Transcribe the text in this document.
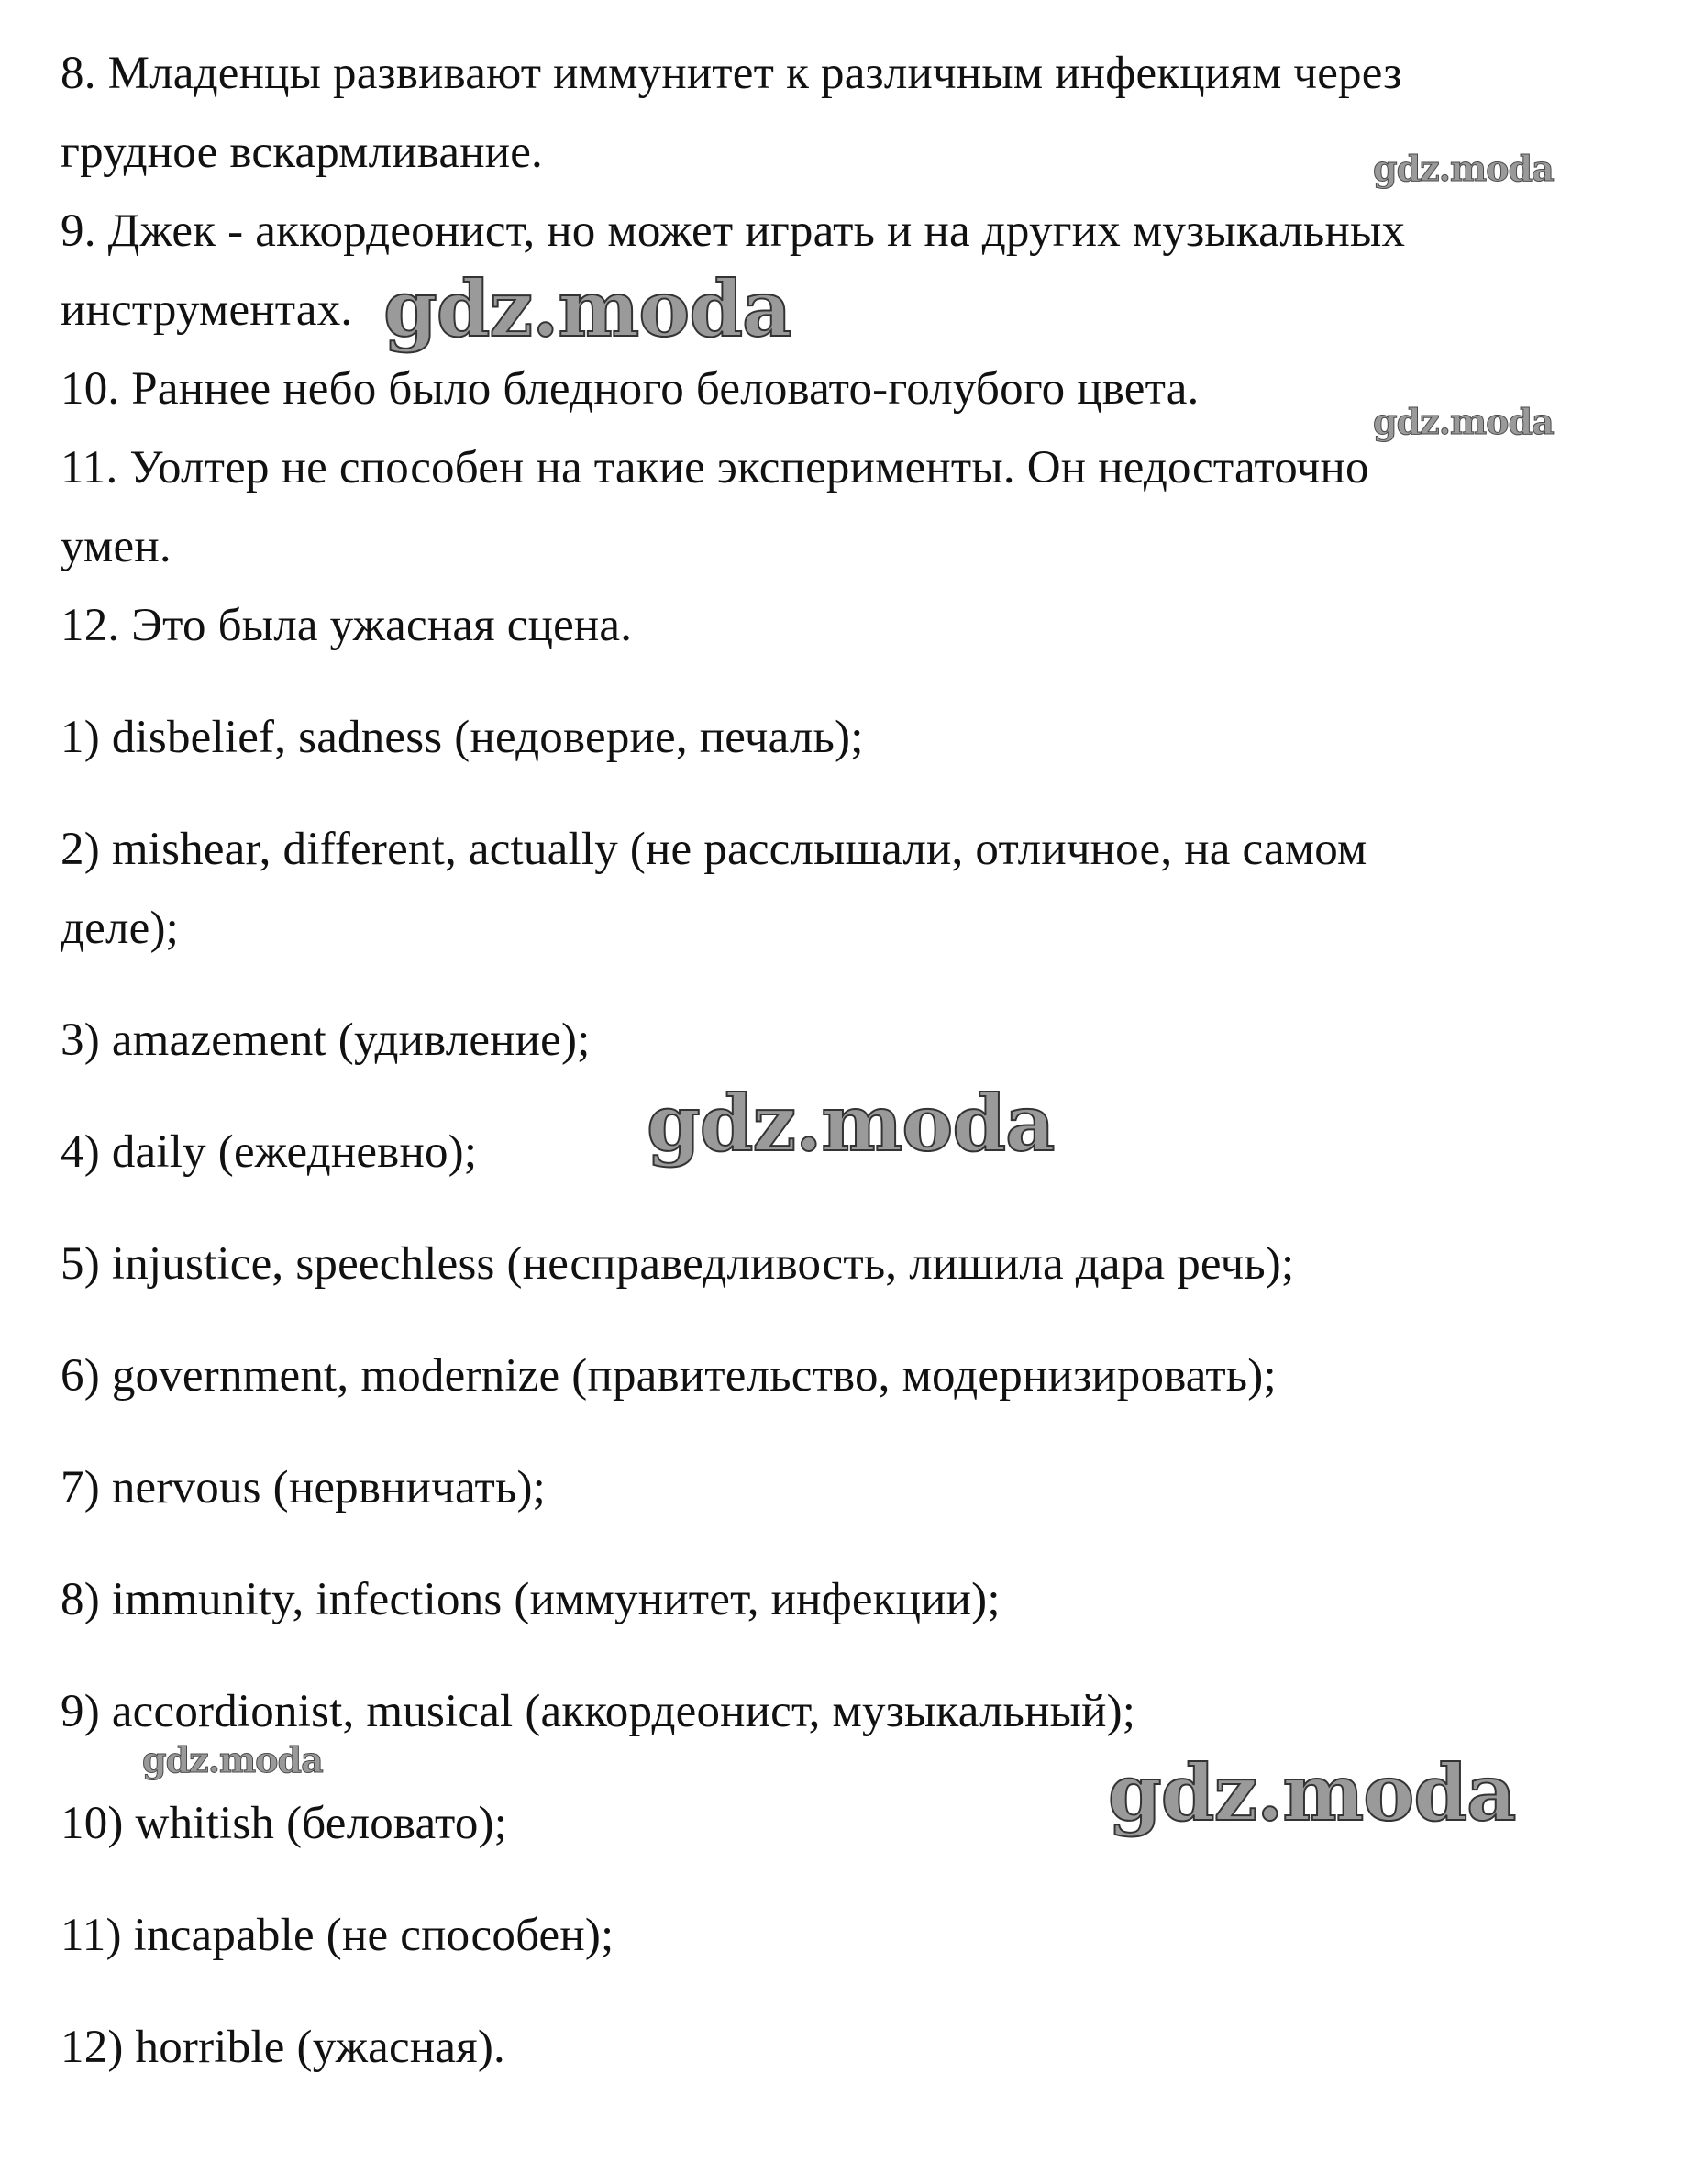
8. Младенцы развивают иммунитет к различным инфекциям через
грудное вскармливание.
9. Джек - аккордеонист, но может играть и на других музыкальных
инструментах.
10. Раннее небо было бледного беловато-голубого цвета.
11. Уолтер не способен на такие эксперименты. Он недостаточно
умен.
12. Это была ужасная сцена.
1) disbelief, sadness (недоверие, печаль);
2) mishear, different, actually (не расслышали, отличное, на самом
деле);
3) amazement (удивление);
4) daily (ежедневно);
5) injustice, speechless (несправедливость, лишила дара речь);
6) government, modernize (правительство, модернизировать);
7) nervous (нервничать);
8) immunity, infections (иммунитет, инфекции);
9) accordionist, musical (аккордеонист, музыкальный);
10) whitish (беловато);
11) incapable (не способен);
12) horrible (ужасная).
gdz.moda
gdz.moda
gdz.moda
gdz.moda
gdz.moda	gdz.moda
